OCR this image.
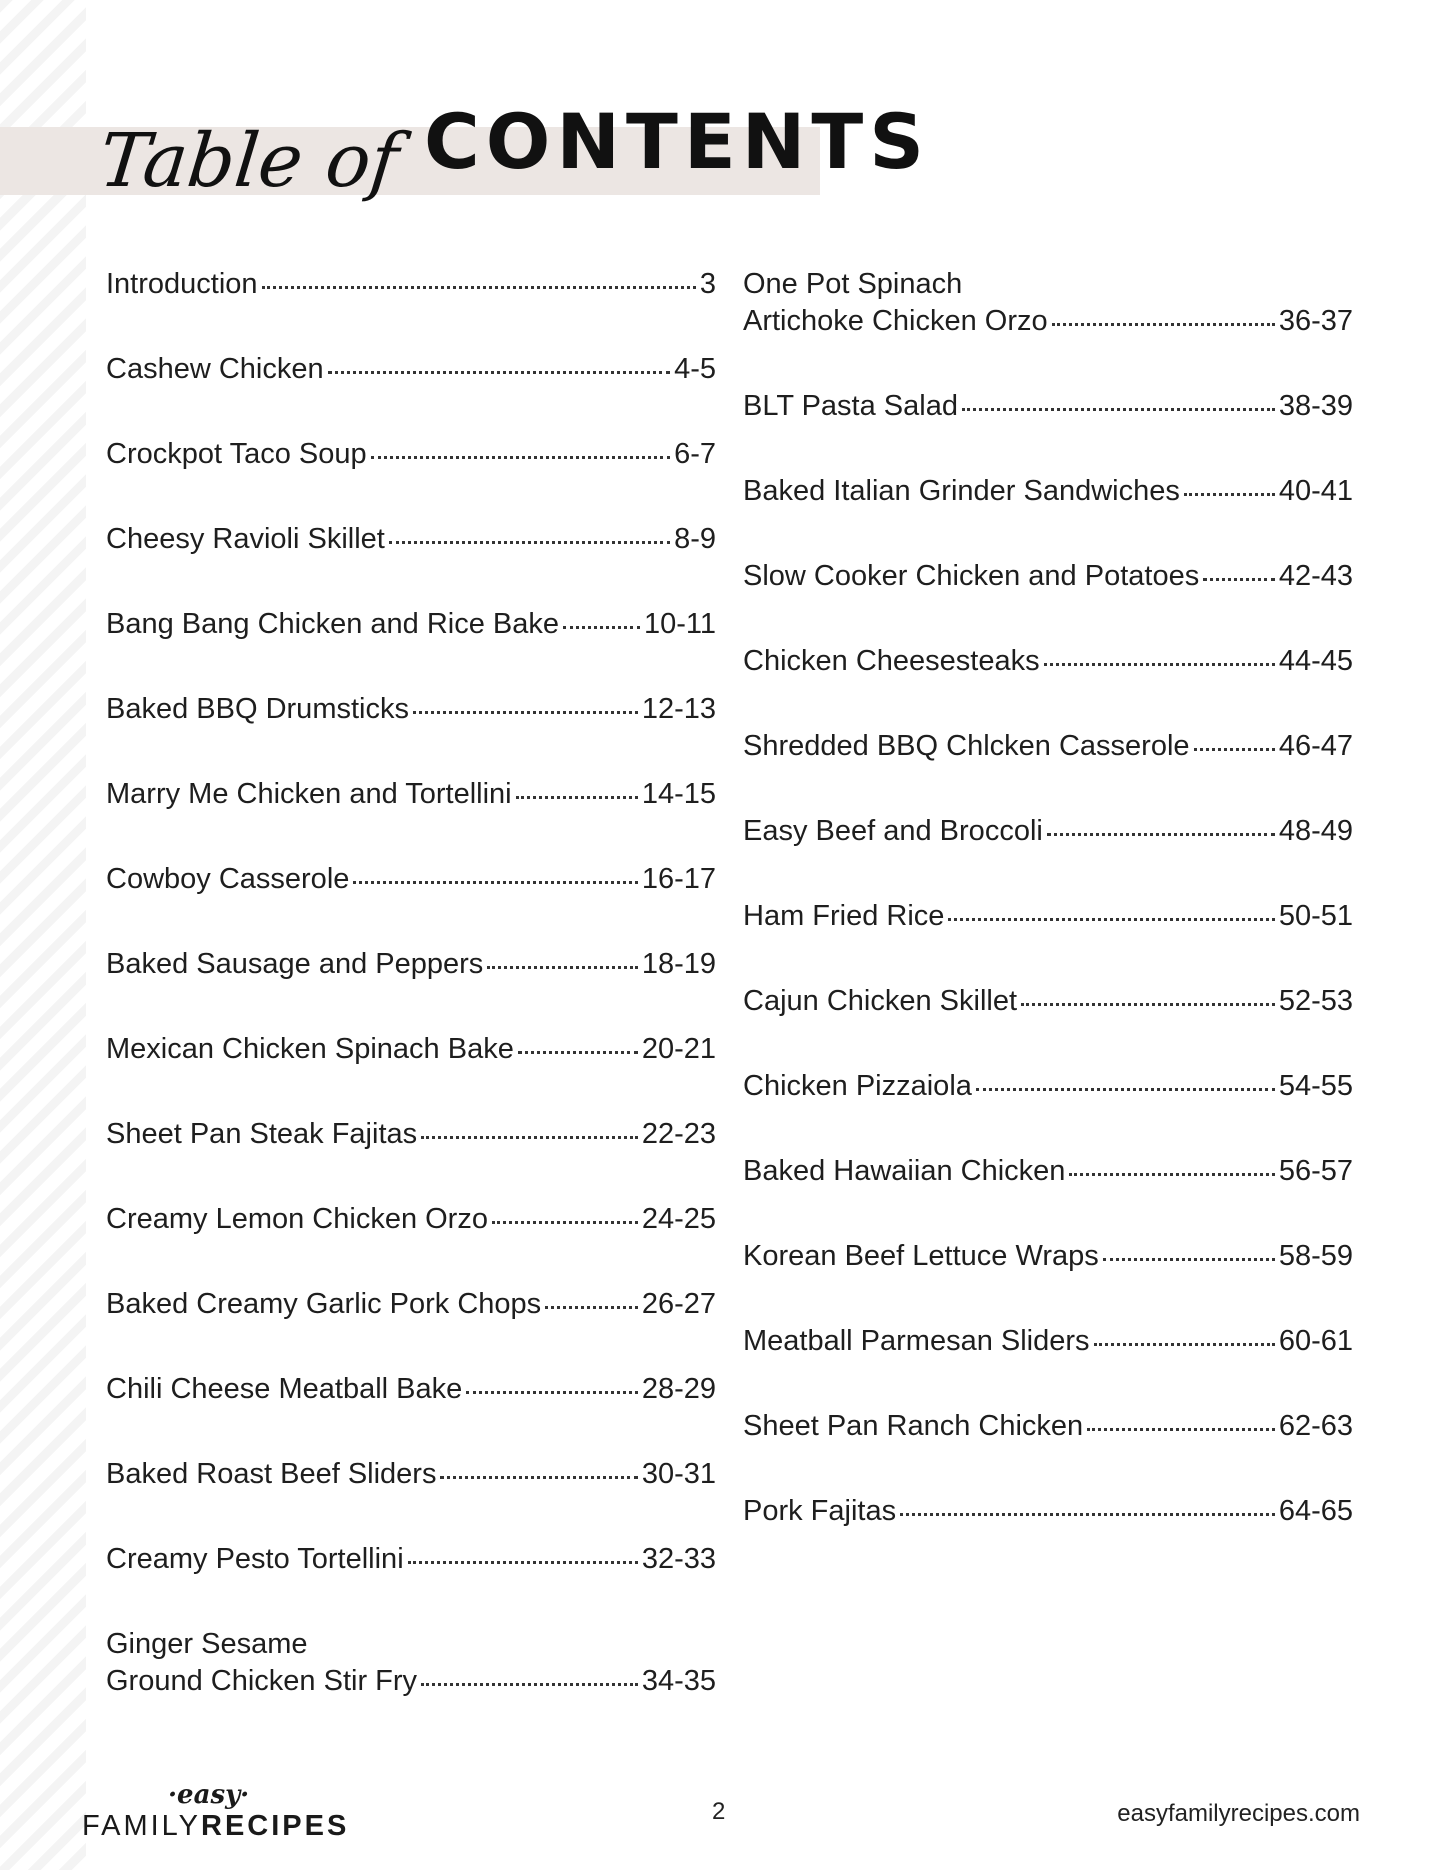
Table of CONTENTS
Introduction	3
Cashew Chicken	4-5
Crockpot Taco Soup	6-7
Cheesy Ravioli Skillet	8-9
Bang Bang Chicken and Rice Bake	10-11
Baked BBQ Drumsticks	12-13
Marry Me Chicken and Tortellini	14-15
Cowboy Casserole	16-17
Baked Sausage and Peppers	18-19
Mexican Chicken Spinach Bake	20-21
Sheet Pan Steak Fajitas	22-23
Creamy Lemon Chicken Orzo	24-25
Baked Creamy Garlic Pork Chops	26-27
Chili Cheese Meatball Bake	28-29
Baked Roast Beef Sliders	30-31
Creamy Pesto Tortellini	32-33
Ginger Sesame
Ground Chicken Stir Fry	34-35
One Pot Spinach
Artichoke Chicken Orzo	36-37
BLT Pasta Salad	38-39
Baked Italian Grinder Sandwiches	40-41
Slow Cooker Chicken and Potatoes	42-43
Chicken Cheesesteaks	44-45
Shredded BBQ Chlcken Casserole	46-47
Easy Beef and Broccoli	48-49
Ham Fried Rice	50-51
Cajun Chicken Skillet	52-53
Chicken Pizzaiola	54-55
Baked Hawaiian Chicken	56-57
Korean Beef Lettuce Wraps	58-59
Meatball Parmesan Sliders	60-61
Sheet Pan Ranch Chicken	62-63
Pork Fajitas	64-65
·easy·
FAMILYRECIPES	2	easyfamilyrecipes.com
